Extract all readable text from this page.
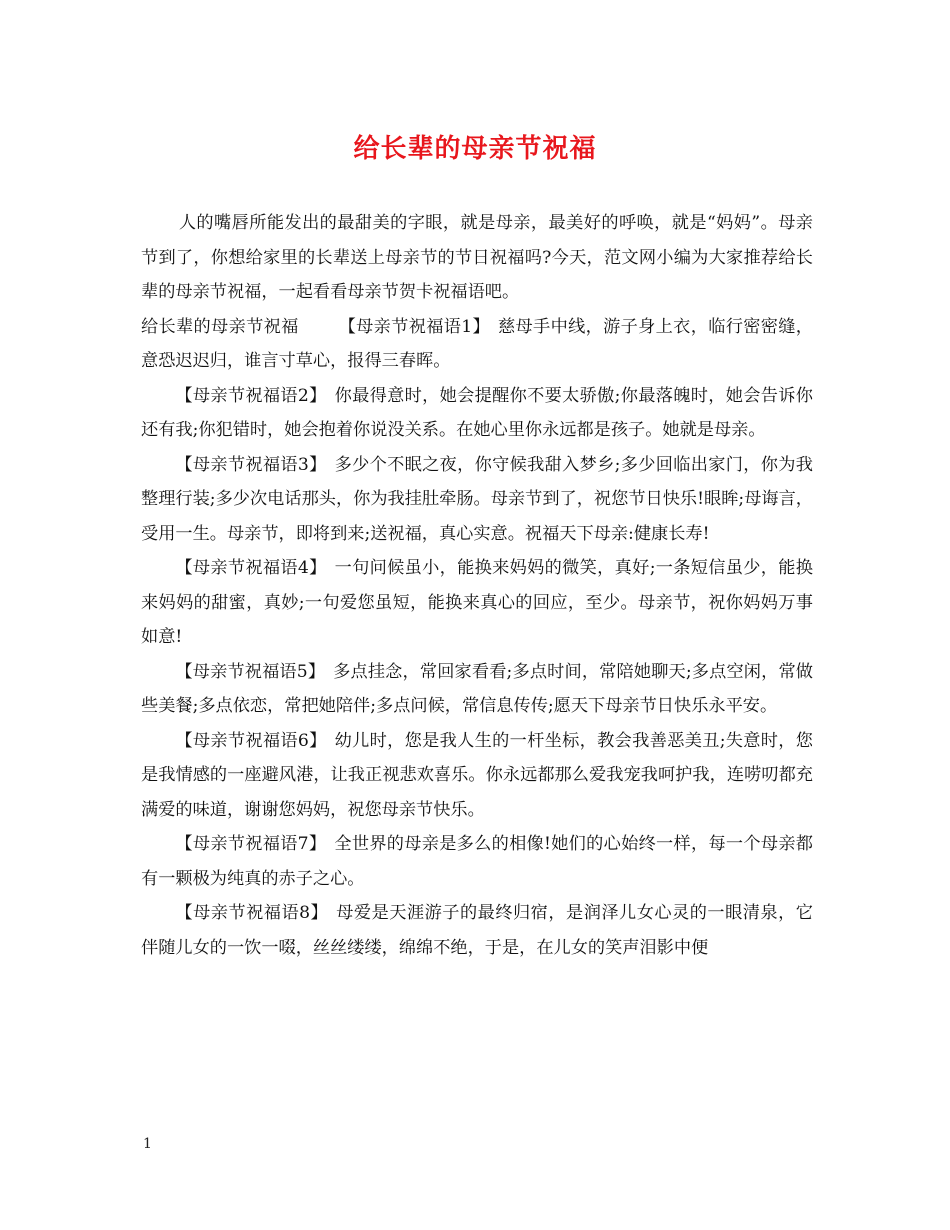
给长辈的母亲节祝福

人的嘴唇所能发出的最甜美的字眼，就是母亲，最美好的呼唤，就是“妈妈”。母亲节到了，你想给家里的长辈送上母亲节的节日祝福吗?今天，范文网小编为大家推荐给长辈的母亲节祝福，一起看看母亲节贺卡祝福语吧。

给长辈的母亲节祝福 【母亲节祝福语1】 慈母手中线，游子身上衣，临行密密缝，意恐迟迟归，谁言寸草心，报得三春晖。

【母亲节祝福语2】 你最得意时，她会提醒你不要太骄傲;你最落魄时，她会告诉你还有我;你犯错时，她会抱着你说没关系。在她心里你永远都是孩子。她就是母亲。

【母亲节祝福语3】 多少个不眠之夜，你守候我甜入梦乡;多少回临出家门，你为我整理行装;多少次电话那头，你为我挂肚牵肠。母亲节到了，祝您节日快乐!眼眸;母诲言，受用一生。母亲节，即将到来;送祝福，真心实意。祝福天下母亲:健康长寿!

【母亲节祝福语4】 一句问候虽小，能换来妈妈的微笑，真好;一条短信虽少，能换来妈妈的甜蜜，真妙;一句爱您虽短，能换来真心的回应，至少。母亲节，祝你妈妈万事如意!

【母亲节祝福语5】 多点挂念，常回家看看;多点时间，常陪她聊天;多点空闲，常做些美餐;多点依恋，常把她陪伴;多点问候，常信息传传;愿天下母亲节日快乐永平安。

【母亲节祝福语6】 幼儿时，您是我人生的一杆坐标，教会我善恶美丑;失意时，您是我情感的一座避风港，让我正视悲欢喜乐。你永远都那么爱我宠我呵护我，连唠叨都充满爱的味道，谢谢您妈妈，祝您母亲节快乐。

【母亲节祝福语7】 全世界的母亲是多么的相像!她们的心始终一样，每一个母亲都有一颗极为纯真的赤子之心。

【母亲节祝福语8】 母爱是天涯游子的最终归宿，是润泽儿女心灵的一眼清泉，它伴随儿女的一饮一啜，丝丝缕缕，绵绵不绝，于是，在儿女的笑声泪影中便

1
